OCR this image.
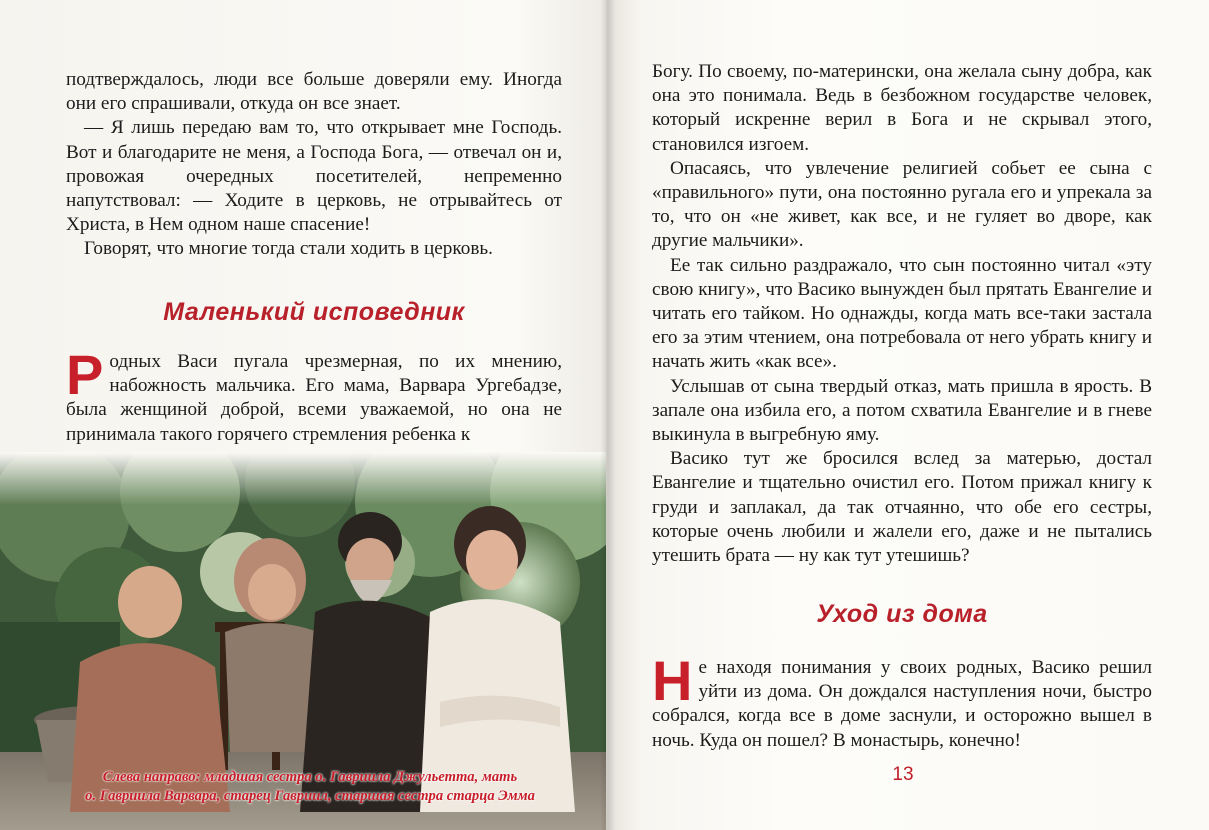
подтверждалось, люди все больше доверяли ему. Иногда они его спрашивали, откуда он все знает.

— Я лишь передаю вам то, что открывает мне Господь. Вот и благодарите не меня, а Господа Бога, — отвечал он и, провожая очередных посетителей, непременно напутствовал: — Ходите в церковь, не отрывайтесь от Христа, в Нем одном наше спасение!

Говорят, что многие тогда стали ходить в церковь.

Маленький исповедник

Родных Васи пугала чрезмерная, по их мнению, набожность мальчика. Его мама, Варвара Ургебадзе, была женщиной доброй, всеми уважаемой, но она не принимала такого горячего стремления ребенка к

Слева направо: младшая сестра о. Гавриила Джульетта, мать
о. Гавриила Варвара, старец Гавриил, старшая сестра старца Эмма

Богу. По своему, по-матерински, она желала сыну добра, как она это понимала. Ведь в безбожном государстве человек, который искренне верил в Бога и не скрывал этого, становился изгоем.

Опасаясь, что увлечение религией собьет ее сына с «правильного» пути, она постоянно ругала его и упрекала за то, что он «не живет, как все, и не гуляет во дворе, как другие мальчики».

Ее так сильно раздражало, что сын постоянно читал «эту свою книгу», что Васико вынужден был прятать Евангелие и читать его тайком. Но однажды, когда мать все-таки застала его за этим чтением, она потребовала от него убрать книгу и начать жить «как все».

Услышав от сына твердый отказ, мать пришла в ярость. В запале она избила его, а потом схватила Евангелие и в гневе выкинула в выгребную яму.

Васико тут же бросился вслед за матерью, достал Евангелие и тщательно очистил его. Потом прижал книгу к груди и заплакал, да так отчаянно, что обе его сестры, которые очень любили и жалели его, даже и не пытались утешить брата — ну как тут утешишь?

Уход из дома

Не находя понимания у своих родных, Васико решил уйти из дома. Он дождался наступления ночи, быстро собрался, когда все в доме заснули, и осторожно вышел в ночь. Куда он пошел? В монастырь, конечно!

13
